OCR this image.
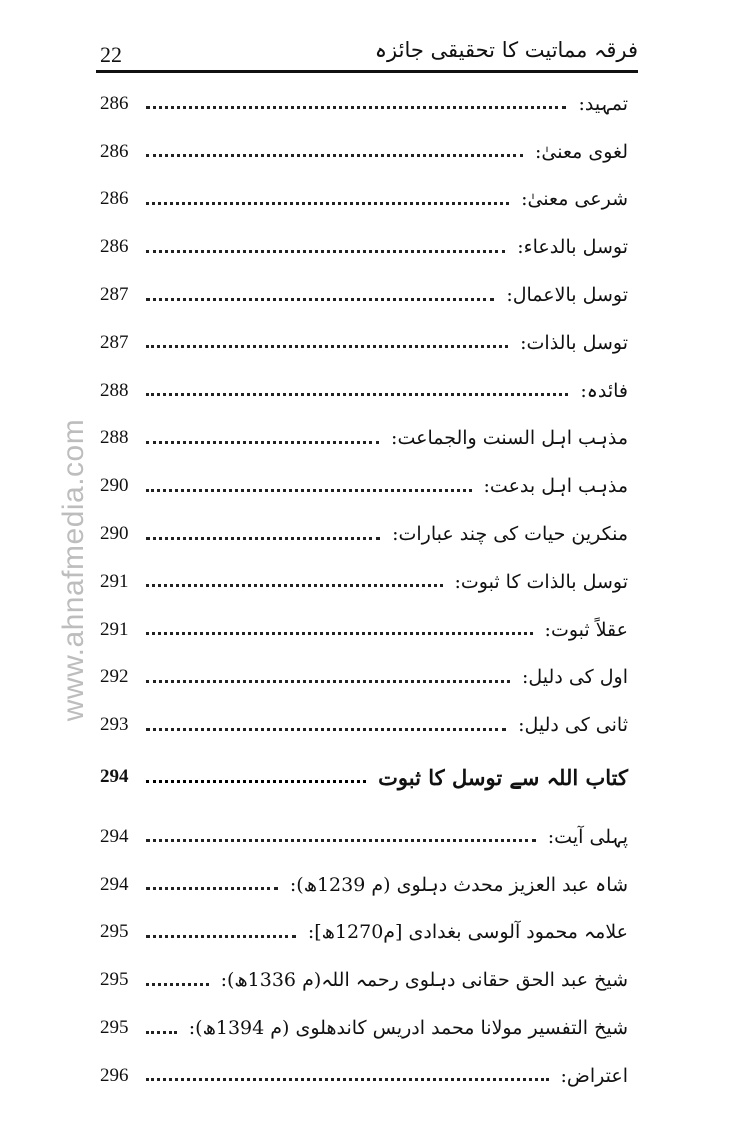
www.ahnafmedia.com
22	فرقہ مماتیت کا تحقیقی جائزہ
تمہید:
286
لغوی معنیٰ:
286
شرعی معنیٰ:
286
توسل بالدعاء:
286
توسل بالاعمال:
287
توسل بالذات:
287
فائدہ:
288
مذہب اہل السنت والجماعت:
288
مذہب اہل بدعت:
290
منکرین حیات کی چند عبارات:
290
توسل بالذات کا ثبوت:
291
عقلاً ثبوت:
291
اول کی دلیل:
292
ثانی کی دلیل:
293
کتاب اللہ سے توسل کا ثبوت
294
پہلی آیت:
294
شاہ عبد العزیز محدث دہلوی (م 1239ھ):
294
علامہ محمود آلوسی بغدادی [م1270ھ]:
295
شیخ عبد الحق حقانی دہلوی رحمہ اللہ(م 1336ھ):
295
شیخ التفسیر مولانا محمد ادریس کاندھلوی (م 1394ھ):
295
اعتراض:
296
